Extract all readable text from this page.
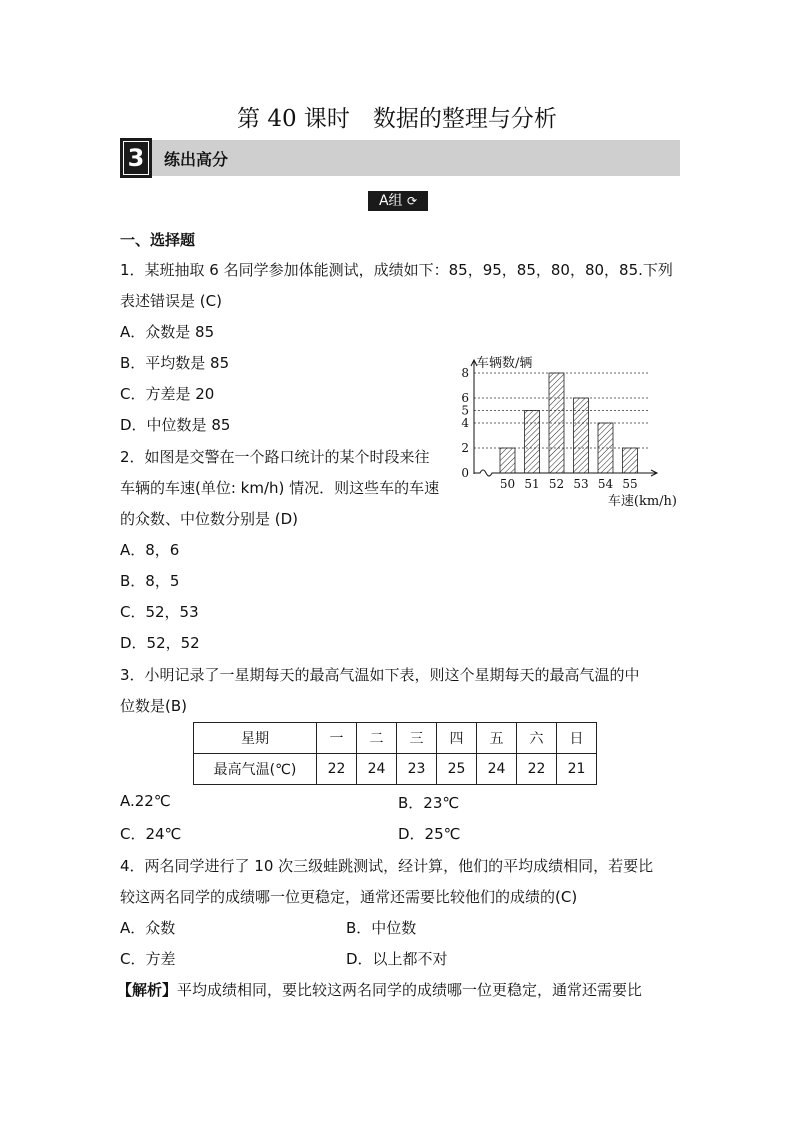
第 40 课时　数据的整理与分析
3	练出高分
A组 ⟳
一、选择题
1．某班抽取 6 名同学参加体能测试，成绩如下：85，95，85，80，80，85.下列
表述错误是 (C)
A．众数是 85
B．平均数是 85
C．方差是 20
D．中位数是 85
2．如图是交警在一个路口统计的某个时段来往
车辆的车速(单位: km/h) 情况．则这些车的车速
的众数、中位数分别是 (D)
A．8，6
B．8，5
C．52，53
D．52，52
50 51 52 53 54 55
0
2
4
5
6
8
车辆数/辆
车速(km/h)
3．小明记录了一星期每天的最高气温如下表，则这个星期每天的最高气温的中
位数是(B)
星期	一	二	三	四	五	六	日
最高气温(℃)	22	24	23	25	24	22	21
A.22℃	B．23℃
C．24℃	D．25℃
4．两名同学进行了 10 次三级蛙跳测试，经计算，他们的平均成绩相同，若要比
较这两名同学的成绩哪一位更稳定，通常还需要比较他们的成绩的(C)
A．众数	B．中位数
C．方差	D．以上都不对
【解析】平均成绩相同，要比较这两名同学的成绩哪一位更稳定，通常还需要比
